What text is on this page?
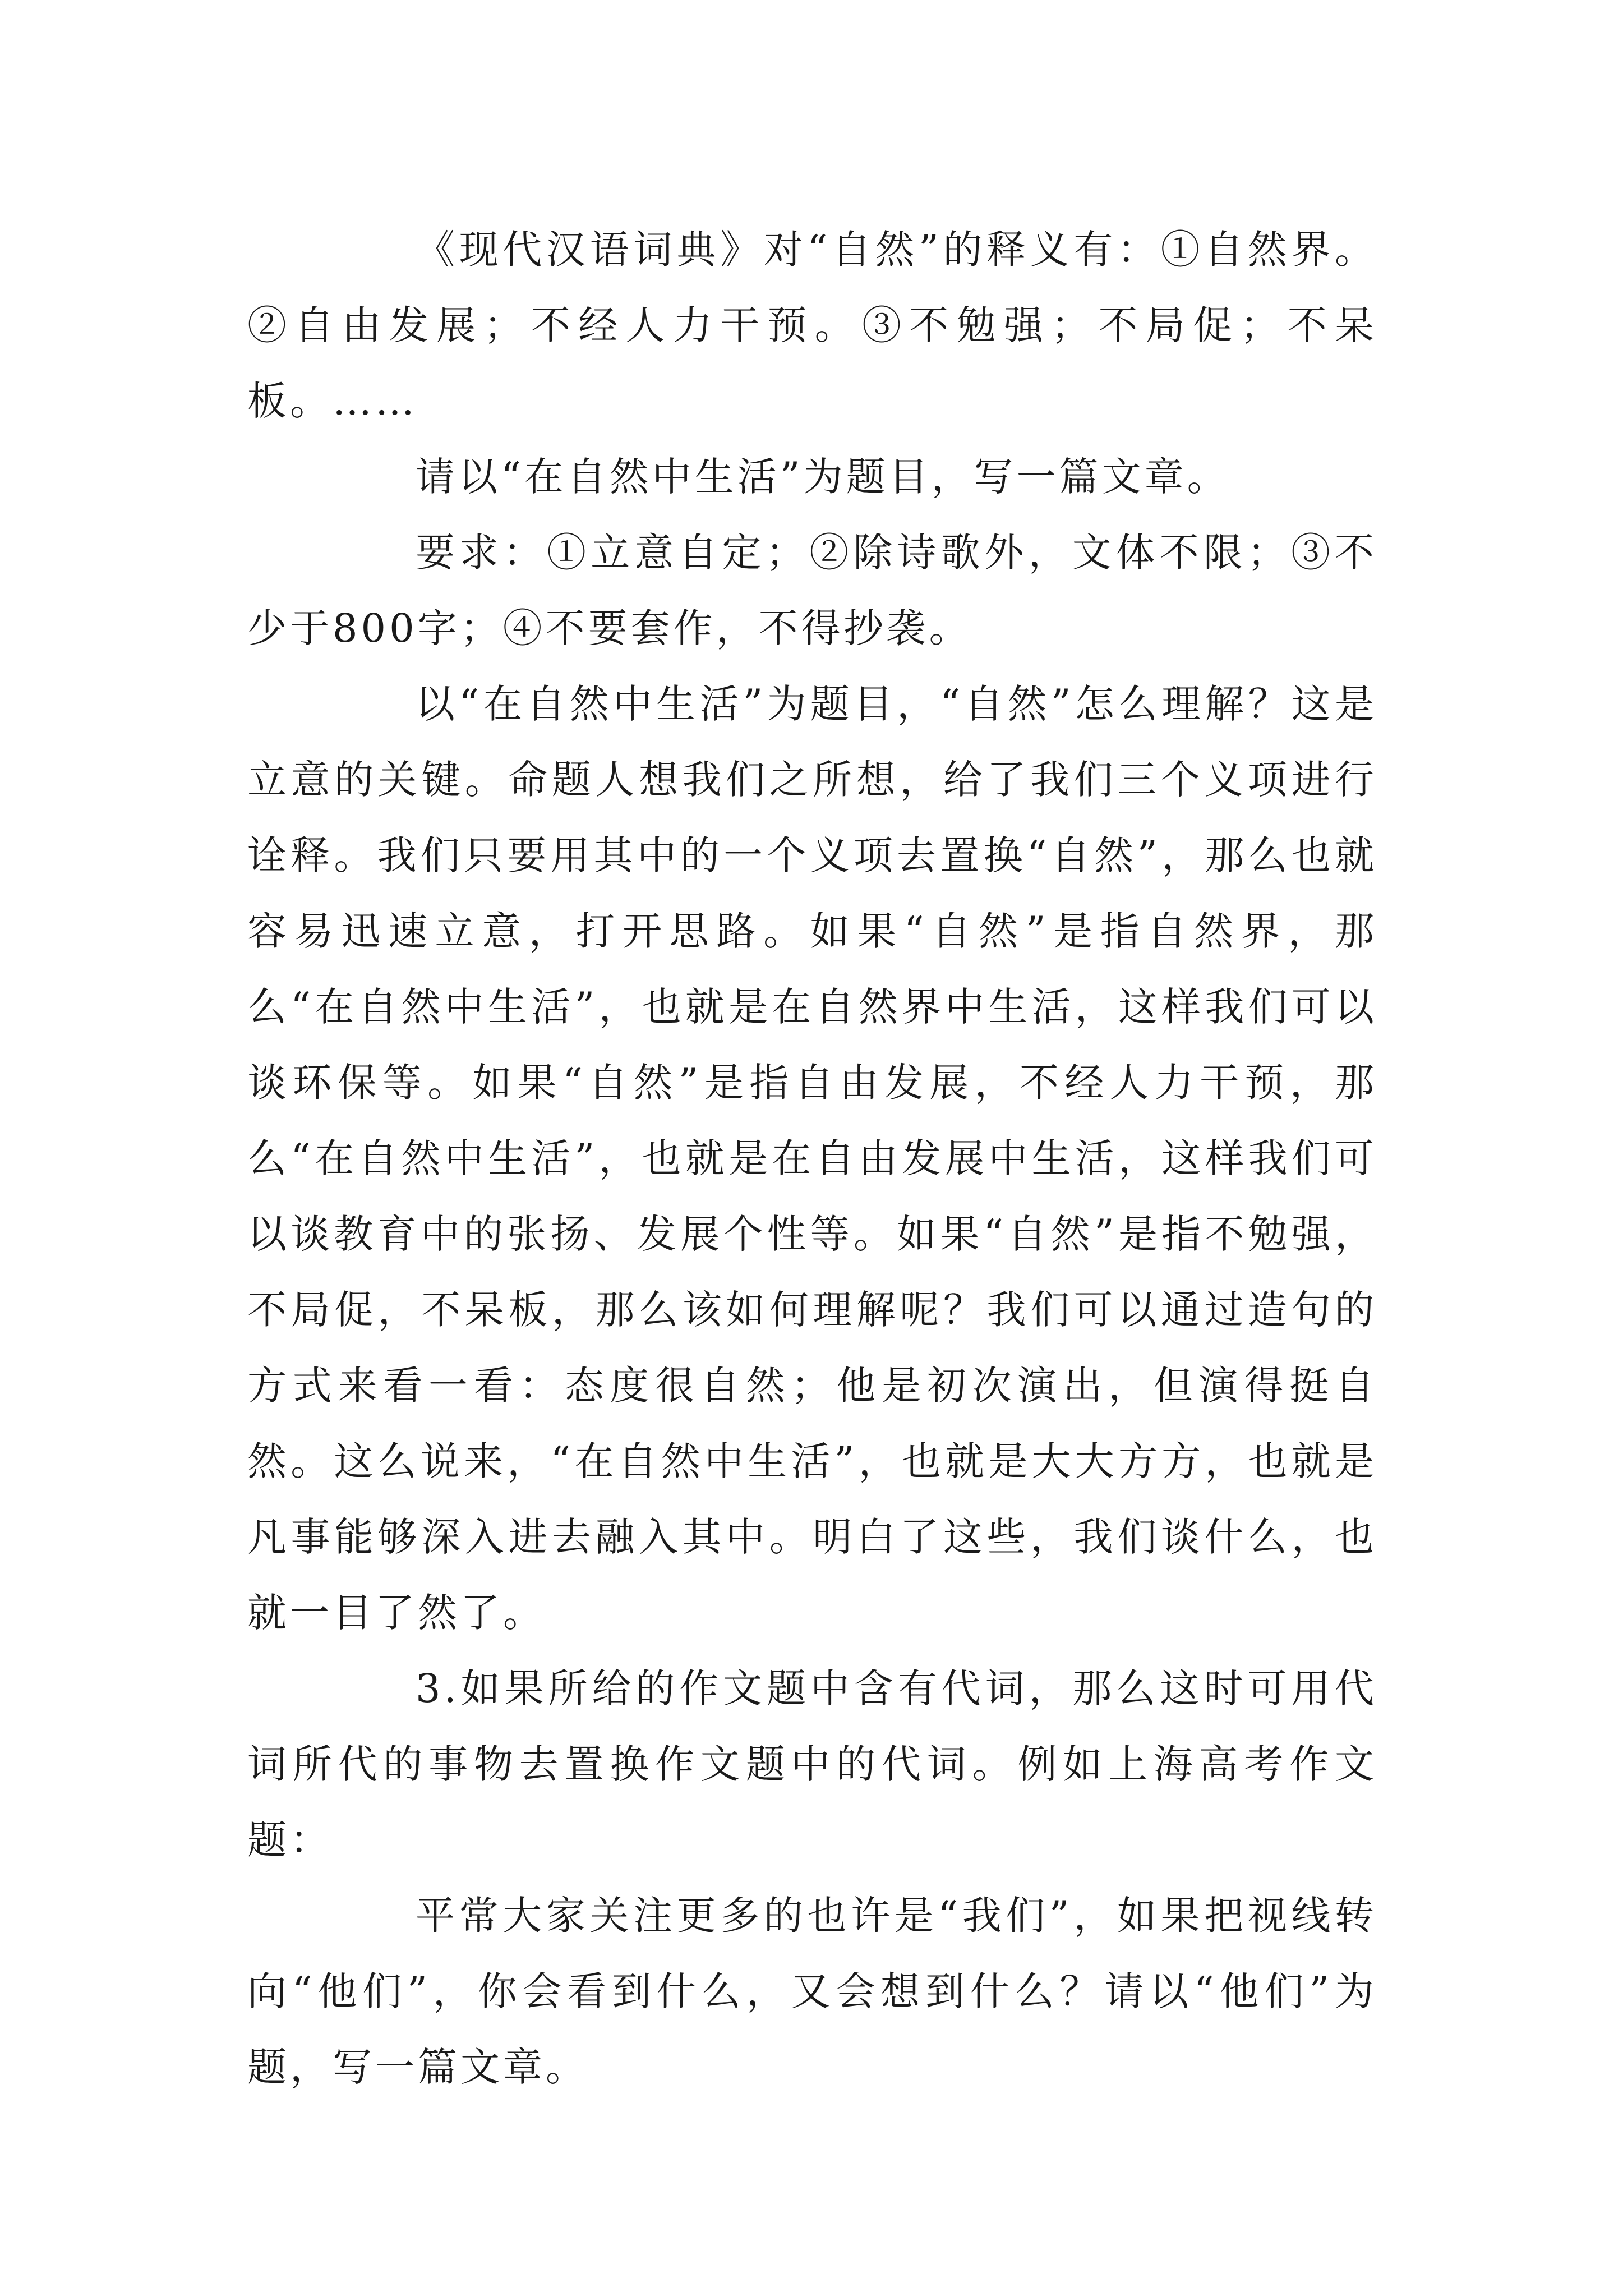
《现代汉语词典》对“自然”的释义有：①自然界。②自由发展；不经人力干预。③不勉强；不局促；不呆板。……

请以“在自然中生活”为题目，写一篇文章。

要求：①立意自定；②除诗歌外，文体不限；③不少于800字；④不要套作，不得抄袭。

以“在自然中生活”为题目，“自然”怎么理解？这是立意的关键。命题人想我们之所想，给了我们三个义项进行诠释。我们只要用其中的一个义项去置换“自然”，那么也就容易迅速立意，打开思路。如果“自然”是指自然界，那么“在自然中生活”，也就是在自然界中生活，这样我们可以谈环保等。如果“自然”是指自由发展，不经人力干预，那么“在自然中生活”，也就是在自由发展中生活，这样我们可以谈教育中的张扬、发展个性等。如果“自然”是指不勉强，不局促，不呆板，那么该如何理解呢？我们可以通过造句的方式来看一看：态度很自然；他是初次演出，但演得挺自然。这么说来，“在自然中生活”，也就是大大方方，也就是凡事能够深入进去融入其中。明白了这些，我们谈什么，也就一目了然了。

3.如果所给的作文题中含有代词，那么这时可用代词所代的事物去置换作文题中的代词。例如上海高考作文题：

平常大家关注更多的也许是“我们”，如果把视线转向“他们”，你会看到什么，又会想到什么？请以“他们”为题，写一篇文章。
